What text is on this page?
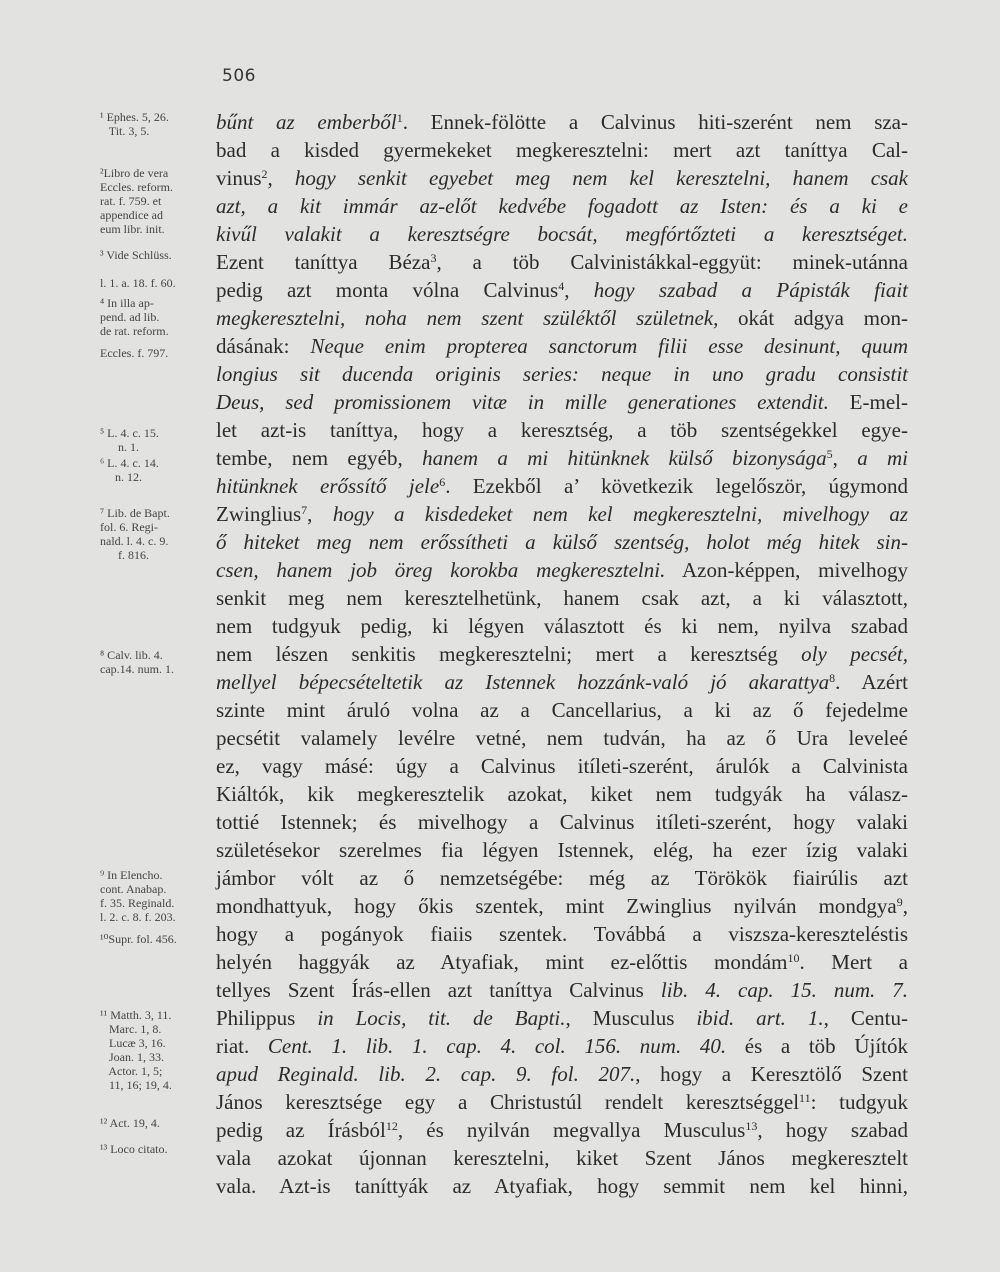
506
¹ Ephes. 5, 26.
Tit. 3, 5.
²Libro de vera
Eccles. reform.
rat. f. 759. et
appendice ad
eum libr. init.
³ Vide Schlüss.
l. 1. a. 18. f. 60.
⁴ In illa ap-
pend. ad lib.
de rat. reform.
Eccles. f. 797.
⁵ L. 4. c. 15.
n. 1.
⁶ L. 4. c. 14.
n. 12.
⁷ Lib. de Bapt.
fol. 6. Regi-
nald. l. 4. c. 9.
f. 816.
⁸ Calv. lib. 4.
cap.14. num. 1.
⁹ In Elencho.
cont. Anabap.
f. 35. Reginald.
l. 2. c. 8. f. 203.
¹⁰Supr. fol. 456.
¹¹ Matth. 3, 11.
Marc. 1, 8.
Lucæ 3, 16.
Joan. 1, 33.
Actor. 1, 5;
11, 16; 19, 4.
¹² Act. 19, 4.
¹³ Loco citato.
bűnt az emberből$^1$. Ennek-fölötte a Calvinus hiti-szerént nem sza-
bad a kisded gyermekeket megkeresztelni: mert azt taníttya Cal-
vinus$^2$, hogy senkit egyebet meg nem kel keresztelni, hanem csak
azt, a kit immár az-előt kedvébe fogadott az Isten: és a ki e
kivűl valakit a keresztségre bocsát, megfórtőzteti a keresztséget.
Ezent taníttya Béza$^3$, a töb Calvinistákkal-eggyüt: minek-utánna
pedig azt monta vólna Calvinus$^4$, hogy szabad a Pápisták fiait
megkeresztelni, noha nem szent szüléktől születnek, okát adgya mon-
dásának: Neque enim propterea sanctorum filii esse desinunt, quum
longius sit ducenda originis series: neque in uno gradu consistit
Deus, sed promissionem vitæ in mille generationes extendit. E-mel-
let azt-is taníttya, hogy a keresztség, a töb szentségekkel egye-
tembe, nem egyéb, hanem a mi hitünknek külső bizonysága$^5$, a mi
hitünknek erőssítő jele$^6$. Ezekből a’ következik legelőször, úgymond
Zwinglius$^7$, hogy a kisdedeket nem kel megkeresztelni, mivelhogy az
ő hiteket meg nem erőssítheti a külső szentség, holot még hitek sin-
csen, hanem job öreg korokba megkeresztelni. Azon-képpen, mivelhogy
senkit meg nem keresztelhetünk, hanem csak azt, a ki választott,
nem tudgyuk pedig, ki légyen választott és ki nem, nyilva szabad
nem lészen senkitis megkeresztelni; mert a keresztség oly pecsét,
mellyel bépecsételtetik az Istennek hozzánk-való jó akarattya$^8$. Azért
szinte mint áruló volna az a Cancellarius, a ki az ő fejedelme
pecsétit valamely levélre vetné, nem tudván, ha az ő Ura leveleé
ez, vagy másé: úgy a Calvinus itíleti-szerént, árulók a Calvinista
Kiáltók, kik megkeresztelik azokat, kiket nem tudgyák ha válasz-
tottié Istennek; és mivelhogy a Calvinus itíleti-szerént, hogy valaki
születésekor szerelmes fia légyen Istennek, elég, ha ezer ízig valaki
jámbor vólt az ő nemzetségébe: még az Törökök fiairúlis azt
mondhattyuk, hogy őkis szentek, mint Zwinglius nyilván mondgya$^9$,
hogy a pogányok fiaiis szentek. Továbbá a viszsza-kereszteléstis
helyén haggyák az Atyafiak, mint ez-előttis mondám$^{10}$. Mert a
tellyes Szent Írás-ellen azt taníttya Calvinus lib. 4. cap. 15. num. 7.
Philippus in Locis, tit. de Bapti., Musculus ibid. art. 1., Centu-
riat. Cent. 1. lib. 1. cap. 4. col. 156. num. 40. és a töb Újítók
apud Reginald. lib. 2. cap. 9. fol. 207., hogy a Keresztölő Szent
János keresztsége egy a Christustúl rendelt keresztséggel$^{11}$: tudgyuk
pedig az Írásból$^{12}$, és nyilván megvallya Musculus$^{13}$, hogy szabad
vala azokat újonnan keresztelni, kiket Szent János megkeresztelt
vala. Azt-is taníttyák az Atyafiak, hogy semmit nem kel hinni,
